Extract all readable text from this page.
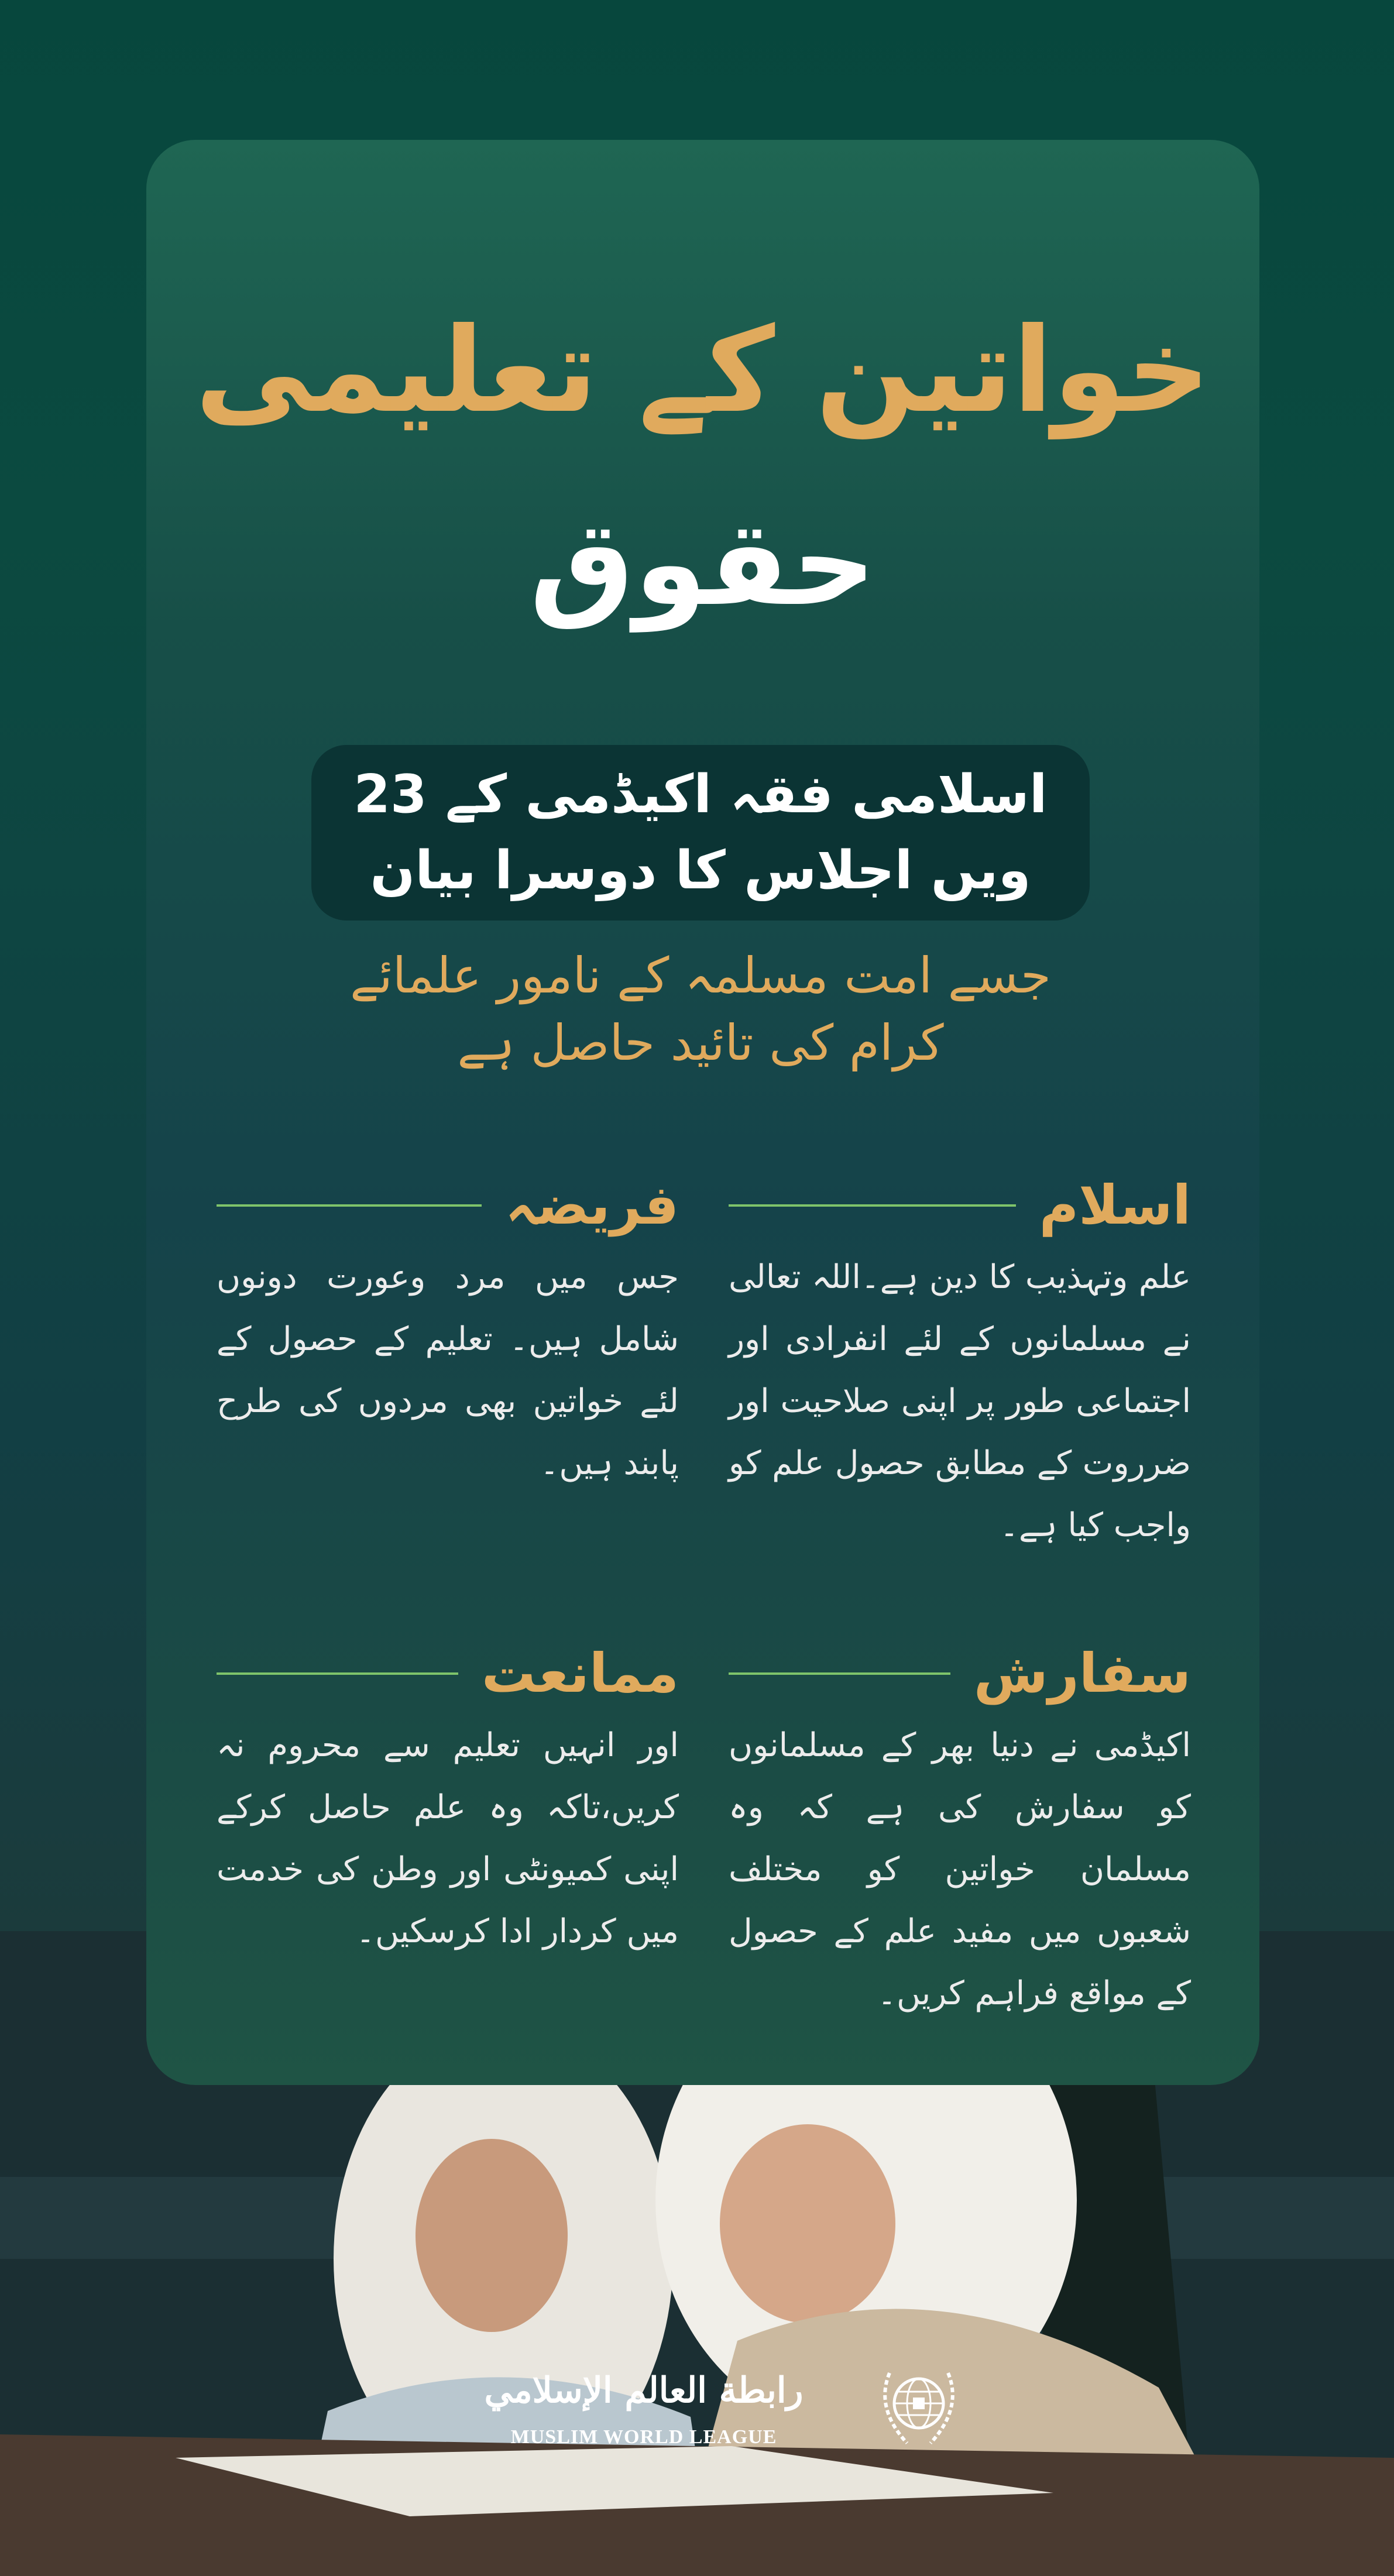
خواتین کے تعلیمی
حقوق
اسلامی فقہ اکیڈمی کے 23
ویں اجلاس کا دوسرا بیان
جسے امت مسلمہ کے نامور علمائے
کرام کی تائید حاصل ہے
اسلام
علم وتہذیب کا دین ہے۔اللہ تعالی نے مسلمانوں کے لئے انفرادی اور اجتماعی طور پر اپنی صلاحیت اور ضرروت کے مطابق حصول علم کو واجب کیا ہے۔
فریضہ
جس میں مرد وعورت دونوں شامل ہیں۔ تعلیم کے حصول کے لئے خواتین بھی مردوں کی طرح پابند ہیں۔
سفارش
اکیڈمی نے دنیا بھر کے مسلمانوں کو سفارش کی ہے کہ وہ مسلمان خواتین کو مختلف شعبوں میں مفید علم کے حصول کے مواقع فراہم کریں۔
ممانعت
اور انہیں تعلیم سے محروم نہ کریں،تاکہ وہ علم حاصل کرکے اپنی کمیونٹی اور وطن کی خدمت میں کردار ادا کرسکیں۔
رابطة العالم الإسلامي
MUSLIM WORLD LEAGUE
